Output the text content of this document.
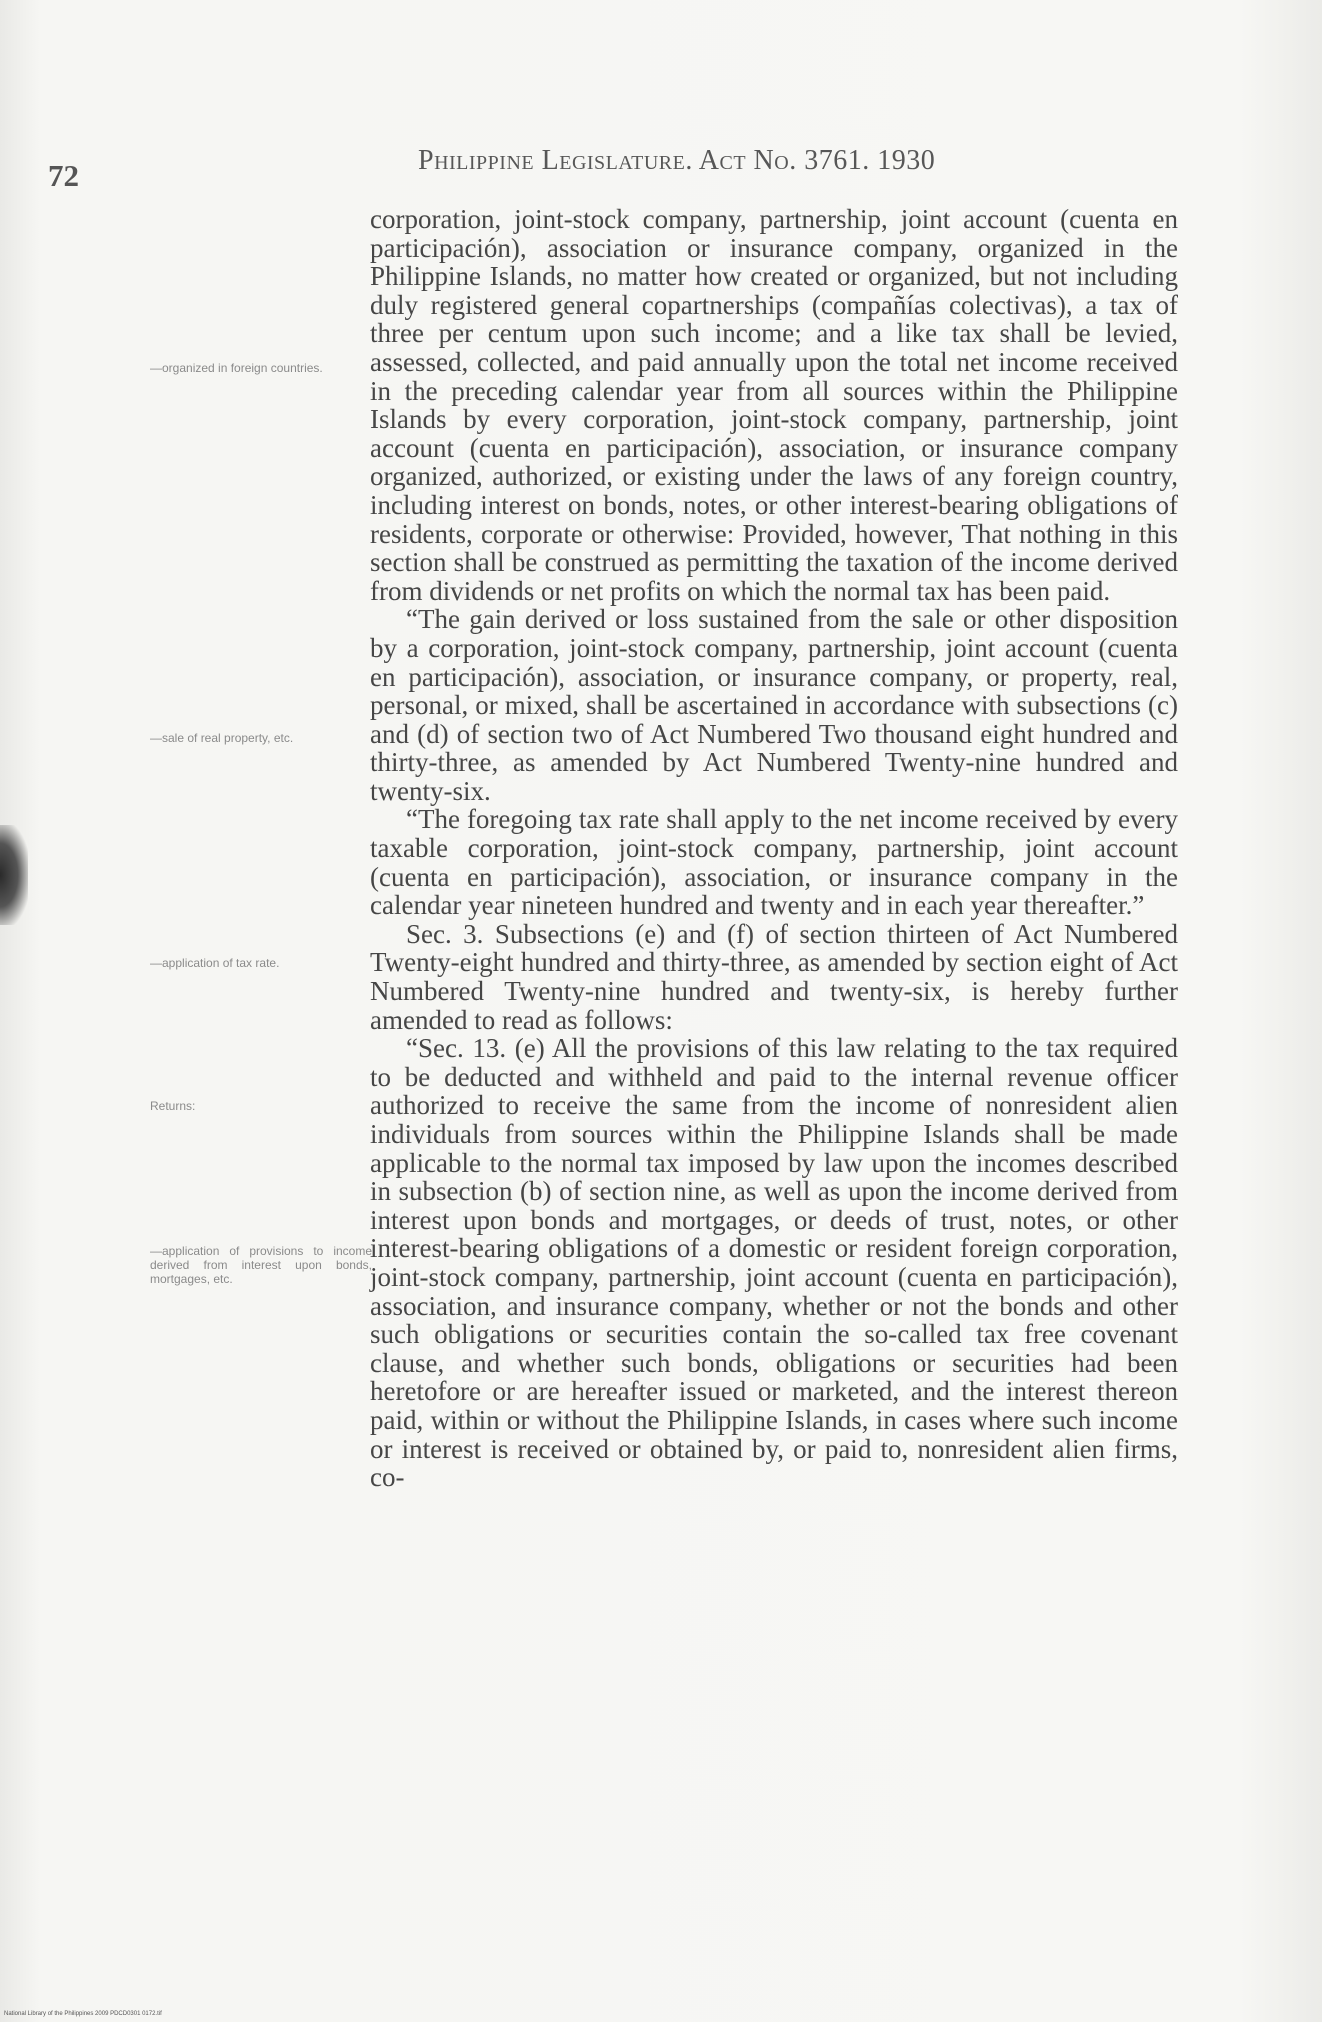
72	Philippine Legislature. Act No. 3761. 1930
—organized in foreign countries.
—sale of real property, etc.
—application of tax rate.
Returns:
—application of provisions to income derived from interest upon bonds, mortgages, etc.

corporation, joint-stock company, partnership, joint account (cuenta en participación), association or insurance company, organized in the Philippine Islands, no matter how created or organized, but not including duly registered general copartnerships (compañías colectivas), a tax of three per centum upon such income; and a like tax shall be levied, assessed, collected, and paid annually upon the total net income received in the preceding calendar year from all sources within the Philippine Islands by every corporation, joint-stock company, partnership, joint account (cuenta en participación), association, or insurance company organized, authorized, or existing under the laws of any foreign country, including interest on bonds, notes, or other interest-bearing obligations of residents, corporate or otherwise: Provided, however, That nothing in this section shall be construed as permitting the taxation of the income derived from dividends or net profits on which the normal tax has been paid.

“The gain derived or loss sustained from the sale or other disposition by a corporation, joint-stock company, partnership, joint account (cuenta en participación), association, or insurance company, or property, real, personal, or mixed, shall be ascertained in accordance with subsections (c) and (d) of section two of Act Numbered Two thousand eight hundred and thirty-three, as amended by Act Numbered Twenty-nine hundred and twenty-six.

“The foregoing tax rate shall apply to the net income received by every taxable corporation, joint-stock company, partnership, joint account (cuenta en participación), association, or insurance company in the calendar year nineteen hundred and twenty and in each year thereafter.”

Sec. 3. Subsections (e) and (f) of section thirteen of Act Numbered Twenty-eight hundred and thirty-three, as amended by section eight of Act Numbered Twenty-nine hundred and twenty-six, is hereby further amended to read as follows:

“Sec. 13. (e) All the provisions of this law relating to the tax required to be deducted and withheld and paid to the internal revenue officer authorized to receive the same from the income of nonresident alien individuals from sources within the Philippine Islands shall be made applicable to the normal tax imposed by law upon the incomes described in subsection (b) of section nine, as well as upon the income derived from interest upon bonds and mortgages, or deeds of trust, notes, or other interest-bearing obligations of a domestic or resident foreign corporation, joint-stock company, partnership, joint account (cuenta en participación), association, and insurance company, whether or not the bonds and other such obligations or securities contain the so-called tax free covenant clause, and whether such bonds, obligations or securities had been heretofore or are hereafter issued or marketed, and the interest thereon paid, within or without the Philippine Islands, in cases where such income or interest is received or obtained by, or paid to, nonresident alien firms, co-

National Library of the Philippines 2009 PDCD0301 0172.tif
